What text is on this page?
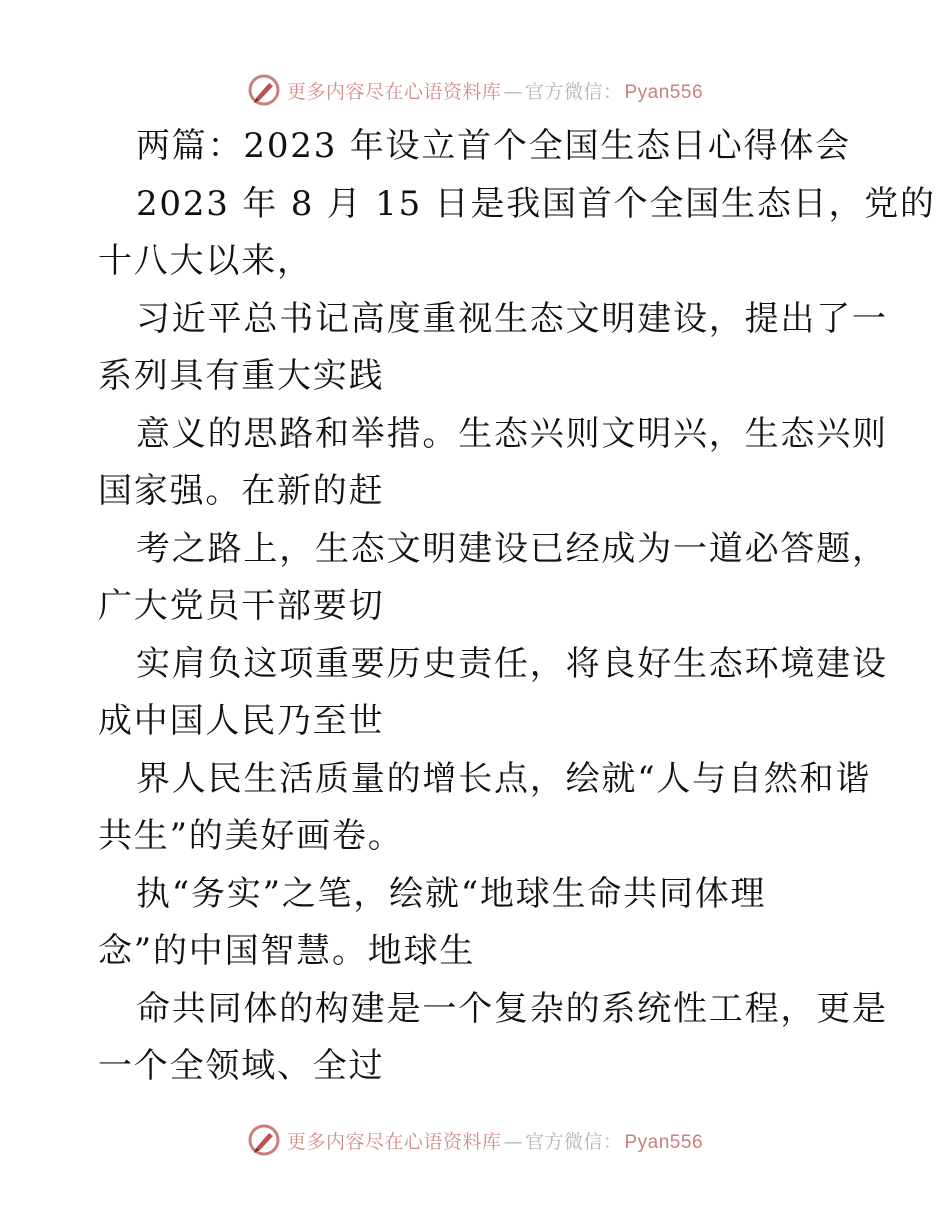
更多内容尽在心语资料库 — 官方微信： Pyan556
两篇：2023 年设立首个全国生态日心得体会
2023 年 8 月 15 日是我国首个全国生态日，党的
十八大以来，
习近平总书记高度重视生态文明建设，提出了一
系列具有重大实践
意义的思路和举措。生态兴则文明兴，生态兴则
国家强。在新的赶
考之路上，生态文明建设已经成为一道必答题，
广大党员干部要切
实肩负这项重要历史责任，将良好生态环境建设
成中国人民乃至世
界人民生活质量的增长点，绘就“人与自然和谐
共生”的美好画卷。
执“务实”之笔，绘就“地球生命共同体理
念”的中国智慧。地球生
命共同体的构建是一个复杂的系统性工程，更是
一个全领域、全过
更多内容尽在心语资料库 — 官方微信： Pyan556
